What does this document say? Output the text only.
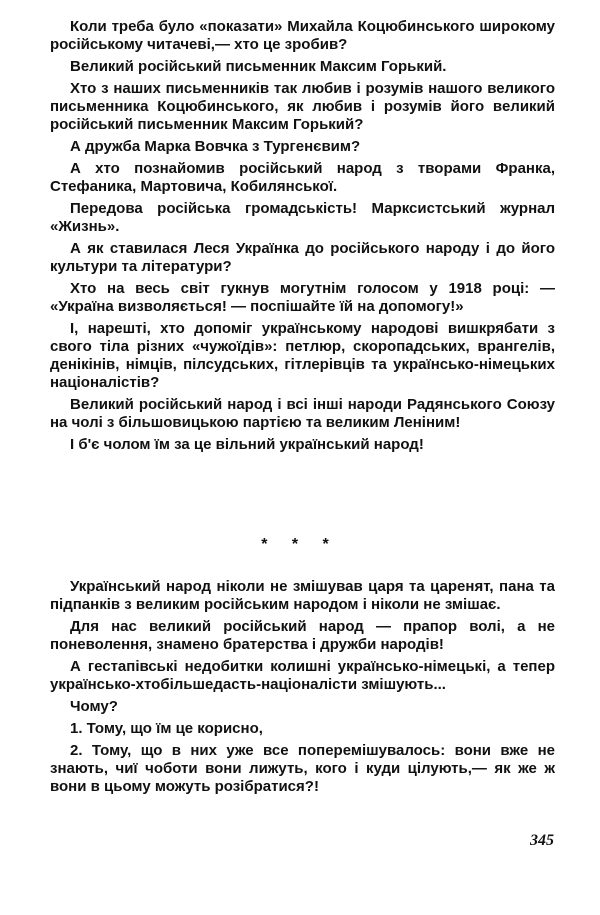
Коли треба було «показати» Михайла Коцюбинського широкому російському читачеві,— хто це зробив?

Великий російський письменник Максим Горький.

Хто з наших письменників так любив і розумів нашого великого письменника Коцюбинського, як любив і розумів його великий російський письменник Максим Горький?

А дружба Марка Вовчка з Тургенєвим?

А хто познайомив російський народ з творами Франка, Стефаника, Мартовича, Кобилянської.

Передова російська громадськість! Марксистський журнал «Жизнь».

А як ставилася Леся Українка до російського народу і до його культури та літератури?

Хто на весь світ гукнув могутнім голосом у 1918 році: — «Україна визволяється! — поспішайте їй на допомогу!»

І, нарешті, хто допоміг українському народові вишкрябати з свого тіла різних «чужоїдів»: петлюр, скоропадських, врангелів, денікінів, німців, пілсудських, гітлерівців та українсько-німецьких націоналістів?

Великий російський народ і всі інші народи Радянського Союзу на чолі з більшовицькою партією та великим Леніним!

І б'є чолом їм за це вільний український народ!

* * *

Український народ ніколи не змішував царя та царенят, пана та підпанків з великим російським народом і ніколи не змішає.

Для нас великий російський народ — прапор волі, а не поневолення, знамено братерства і дружби народів!

А гестапівські недобитки колишні українсько-німецькі, а тепер українсько-хтобільшедасть-націоналісти змішують...

Чому?

1. Тому, що їм це корисно,

2. Тому, що в них уже все поперемішувалось: вони вже не знають, чиї чоботи вони лижуть, кого і куди цілують,— як же ж вони в цьому можуть розібратися?!

345
